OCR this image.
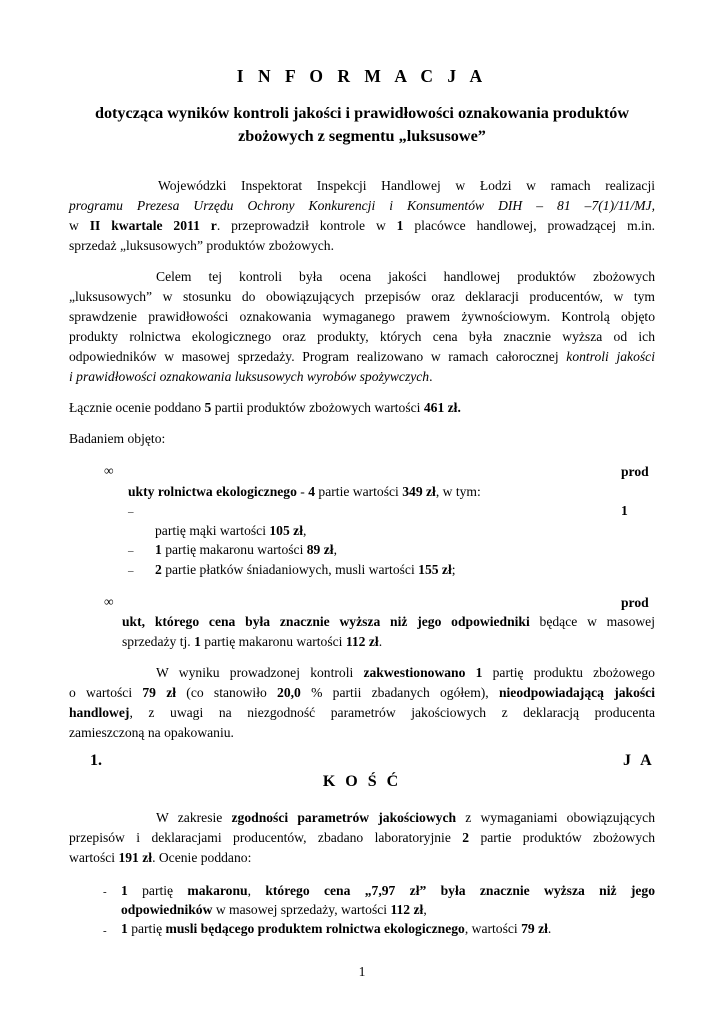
I N F O R M A C J A
dotycząca wyników kontroli jakości i prawidłowości oznakowania produktów
zbożowych z segmentu „luksusowe”
Wojewódzki Inspektorat Inspekcji Handlowej w Łodzi w ramach realizacji
programu Prezesa Urzędu Ochrony Konkurencji i Konsumentów DIH – 81 –7(1)/11/MJ,
w II kwartale 2011 r. przeprowadził kontrole w 1 placówce handlowej, prowadzącej m.in.
sprzedaż „luksusowych” produktów zbożowych.
Celem tej kontroli była ocena jakości handlowej produktów zbożowych
„luksusowych” w stosunku do obowiązujących przepisów oraz deklaracji producentów, w tym
sprawdzenie prawidłowości oznakowania wymaganego prawem żywnościowym. Kontrolą objęto
produkty rolnictwa ekologicznego oraz produkty, których cena była znacznie wyższa od ich
odpowiedników w masowej sprzedaży. Program realizowano w ramach całorocznej kontroli jakości
i prawidłowości oznakowania luksusowych wyrobów spożywczych.
Łącznie ocenie poddano 5 partii produktów zbożowych wartości 461 zł.
Badaniem objęto:
∞	prod
ukty rolnictwa ekologicznego - 4 partie wartości 349 zł, w tym:
–	1
partię mąki wartości 105 zł,
– 1 partię makaronu wartości 89 zł,
– 2 partie płatków śniadaniowych, musli wartości 155 zł;
∞	prod
ukt, którego cena była znacznie wyższa niż jego odpowiedniki będące w masowej
sprzedaży tj. 1 partię makaronu wartości 112 zł.
W wyniku prowadzonej kontroli zakwestionowano 1 partię produktu zbożowego
o wartości 79 zł (co stanowiło 20,0 % partii zbadanych ogółem), nieodpowiadającą jakości
handlowej, z uwagi na niezgodność parametrów jakościowych z deklaracją producenta
zamieszczoną na opakowaniu.
1.	J A
K O Ś Ć
W zakresie zgodności parametrów jakościowych z wymaganiami obowiązujących
przepisów i deklaracjami producentów, zbadano laboratoryjnie 2 partie produktów zbożowych
wartości 191 zł. Ocenie poddano:
- 1 partię makaronu, którego cena „7,97 zł” była znacznie wyższa niż jego
odpowiedników w masowej sprzedaży, wartości 112 zł,
- 1 partię musli będącego produktem rolnictwa ekologicznego, wartości 79 zł.
1
